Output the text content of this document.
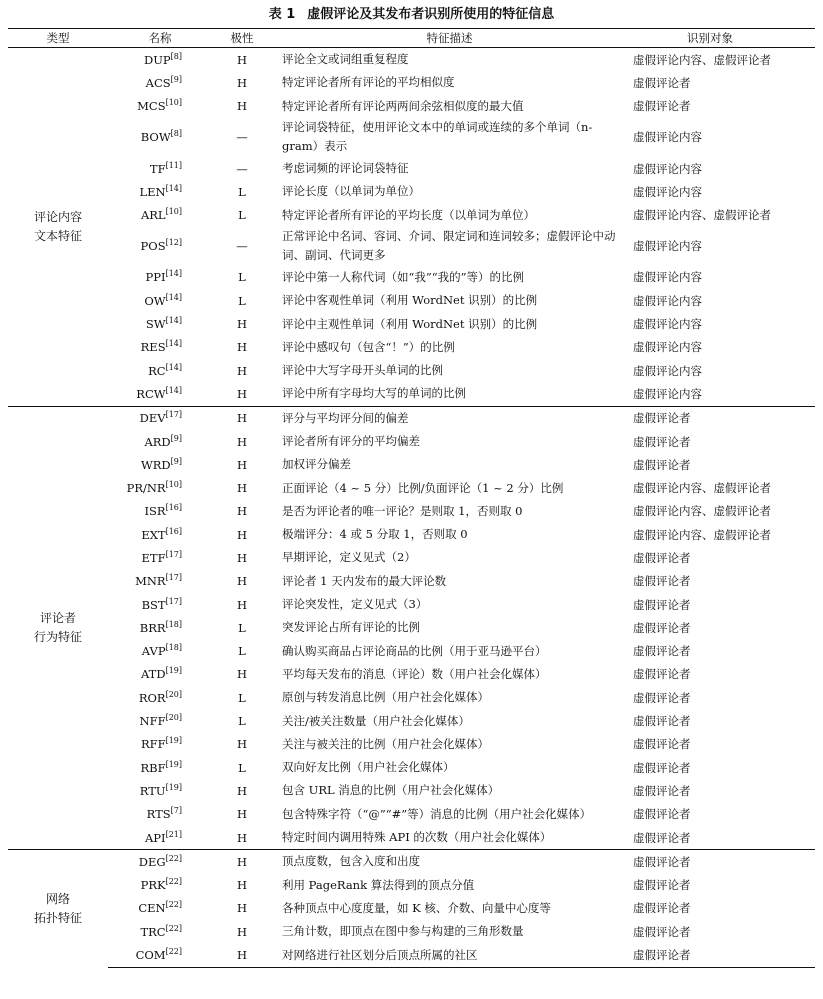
表 1 虚假评论及其发布者识别所使用的特征信息
类型	名称	极性	特征描述	识别对象

评论内容
文本特征	DUP[8]	H	评论全文或词组重复程度	虚假评论内容、虚假评论者
	ACS[9]	H	特定评论者所有评论的平均相似度	虚假评论者
	MCS[10]	H	特定评论者所有评论两两间余弦相似度的最大值	虚假评论者
	BOW[8]	—	评论词袋特征，使用评论文本中的单词或连续的多个单词（n-gram）表示	虚假评论内容
	TF[11]	—	考虑词频的评论词袋特征	虚假评论内容
	LEN[14]	L	评论长度（以单词为单位）	虚假评论内容
	ARL[10]	L	特定评论者所有评论的平均长度（以单词为单位）	虚假评论内容、虚假评论者
	POS[12]	—	正常评论中名词、容词、介词、限定词和连词较多；虚假评论中动词、副词、代词更多	虚假评论内容
	PPI[14]	L	评论中第一人称代词（如“我”“我的”等）的比例	虚假评论内容
	OW[14]	L	评论中客观性单词（利用 WordNet 识别）的比例	虚假评论内容
	SW[14]	H	评论中主观性单词（利用 WordNet 识别）的比例	虚假评论内容
	RES[14]	H	评论中感叹句（包含“！”）的比例	虚假评论内容
	RC[14]	H	评论中大写字母开头单词的比例	虚假评论内容
	RCW[14]	H	评论中所有字母均大写的单词的比例	虚假评论内容

评论者
行为特征	DEV[17]	H	评分与平均评分间的偏差	虚假评论者
	ARD[9]	H	评论者所有评分的平均偏差	虚假评论者
	WRD[9]	H	加权评分偏差	虚假评论者
	PR/NR[10]	H	正面评论（4 ~ 5 分）比例/负面评论（1 ~ 2 分）比例	虚假评论内容、虚假评论者
	ISR[16]	H	是否为评论者的唯一评论？是则取 1，否则取 0	虚假评论内容、虚假评论者
	EXT[16]	H	极端评分：4 或 5 分取 1，否则取 0	虚假评论内容、虚假评论者
	ETF[17]	H	早期评论，定义见式（2）	虚假评论者
	MNR[17]	H	评论者 1 天内发布的最大评论数	虚假评论者
	BST[17]	H	评论突发性，定义见式（3）	虚假评论者
	BRR[18]	L	突发评论占所有评论的比例	虚假评论者
	AVP[18]	L	确认购买商品占评论商品的比例（用于亚马逊平台）	虚假评论者
	ATD[19]	H	平均每天发布的消息（评论）数（用户社会化媒体）	虚假评论者
	ROR[20]	L	原创与转发消息比例（用户社会化媒体）	虚假评论者
	NFF[20]	L	关注/被关注数量（用户社会化媒体）	虚假评论者
	RFF[19]	H	关注与被关注的比例（用户社会化媒体）	虚假评论者
	RBF[19]	L	双向好友比例（用户社会化媒体）	虚假评论者
	RTU[19]	H	包含 URL 消息的比例（用户社会化媒体）	虚假评论者
	RTS[7]	H	包含特殊字符（“@”“#”等）消息的比例（用户社会化媒体）	虚假评论者
	API[21]	H	特定时间内调用特殊 API 的次数（用户社会化媒体）	虚假评论者

网络
拓扑特征	DEG[22]	H	顶点度数，包含入度和出度	虚假评论者
	PRK[22]	H	利用 PageRank 算法得到的顶点分值	虚假评论者
	CEN[22]	H	各种顶点中心度度量，如 K 核、介数、向量中心度等	虚假评论者
	TRC[22]	H	三角计数，即顶点在图中参与构建的三角形数量	虚假评论者
	COM[22]	H	对网络进行社区划分后顶点所属的社区	虚假评论者
